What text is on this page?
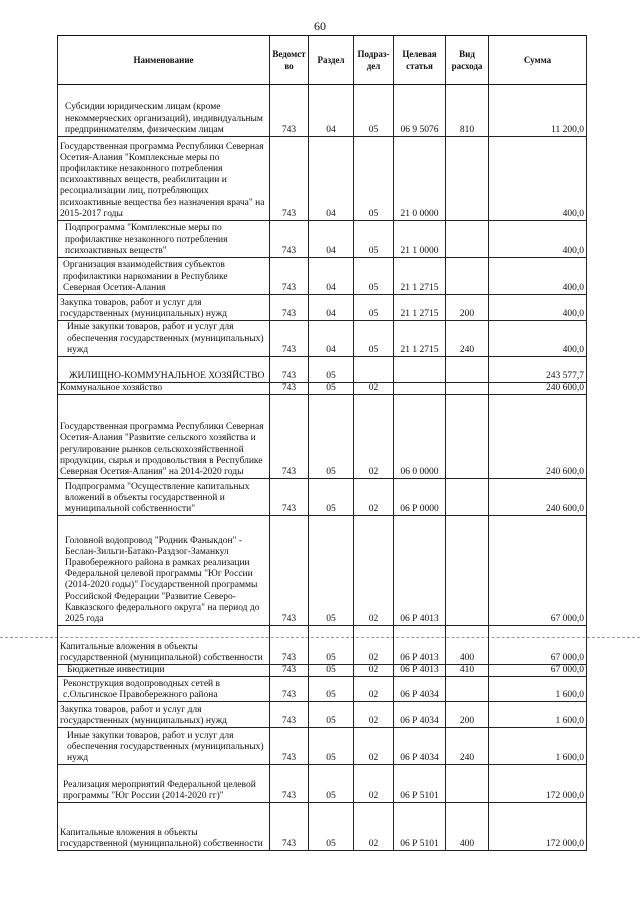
60
Наименование	Ведомст во	Раздел	Подраз- дел	Целевая статья	Вид расхода	Сумма
Субсидии юридическим лицам (кроме некоммерческих организаций), индивидуальным предпринимателям, физическим лицам	743	04	05	06 9 5076	810	11 200,0
Государственная программа Республики Северная Осетия-Алания "Комплексные меры по профилактике незаконного потребления психоактивных веществ, реабилитации и ресоциализации лиц, потребляющих психоактивные вещества без назначения врача" на 2015-2017 годы	743	04	05	21 0 0000		400,0
Подпрограмма "Комплексные меры по профилактике незаконного потребления психоактивных веществ"	743	04	05	21 1 0000		400,0
Организация взаимодействия субъектов профилактики наркомании в Республике Северная Осетия-Алания	743	04	05	21 1 2715		400,0
Закупка товаров, работ и услуг для государственных (муниципальных) нужд	743	04	05	21 1 2715	200	400,0
Иные закупки товаров, работ и услуг для обеспечения государственных (муниципальных) нужд	743	04	05	21 1 2715	240	400,0
ЖИЛИЩНО-КОММУНАЛЬНОЕ ХОЗЯЙСТВО	743	05				243 577,7
Коммунальное хозяйство	743	05	02			240 600,0
Государственная программа Республики Северная Осетия-Алания "Развитие сельского хозяйства и регулирование рынков сельскохозяйственной продукции, сырья и продовольствия в Республике Северная Осетия-Алания" на 2014-2020 годы	743	05	02	06 0 0000		240 600,0
Подпрограмма "Осуществление капитальных вложений в объекты государственной и муниципальной собственности"	743	05	02	06 Р 0000		240 600,0
Головной водопровод "Родник Фаныкдон" - Беслан-Зильги-Батако-Раздзог-Заманкул Правобережного района в рамках реализации Федеральной целевой программы "Юг России (2014-2020 годы)" Государственной программы Российской Федерации "Развитие Северо-Кавказского федерального округа" на период до 2025 года	743	05	02	06 Р 4013		67 000,0
Капитальные вложения в объекты государственной (муниципальной) собственности	743	05	02	06 Р 4013	400	67 000,0
Бюджетные инвестиции	743	05	02	06 Р 4013	410	67 000,0
Реконструкция водопроводных сетей в с.Ольгинское Правобережного района	743	05	02	06 Р 4034		1 600,0
Закупка товаров, работ и услуг для государственных (муниципальных) нужд	743	05	02	06 Р 4034	200	1 600,0
Иные закупки товаров, работ и услуг для обеспечения государственных (муниципальных) нужд	743	05	02	06 Р 4034	240	1 600,0
Реализация мероприятий Федеральной целевой программы "Юг России (2014-2020 гг)"	743	05	02	06 Р 5101		172 000,0
Капитальные вложения в объекты государственной (муниципальной) собственности	743	05	02	06 Р 5101	400	172 000,0
